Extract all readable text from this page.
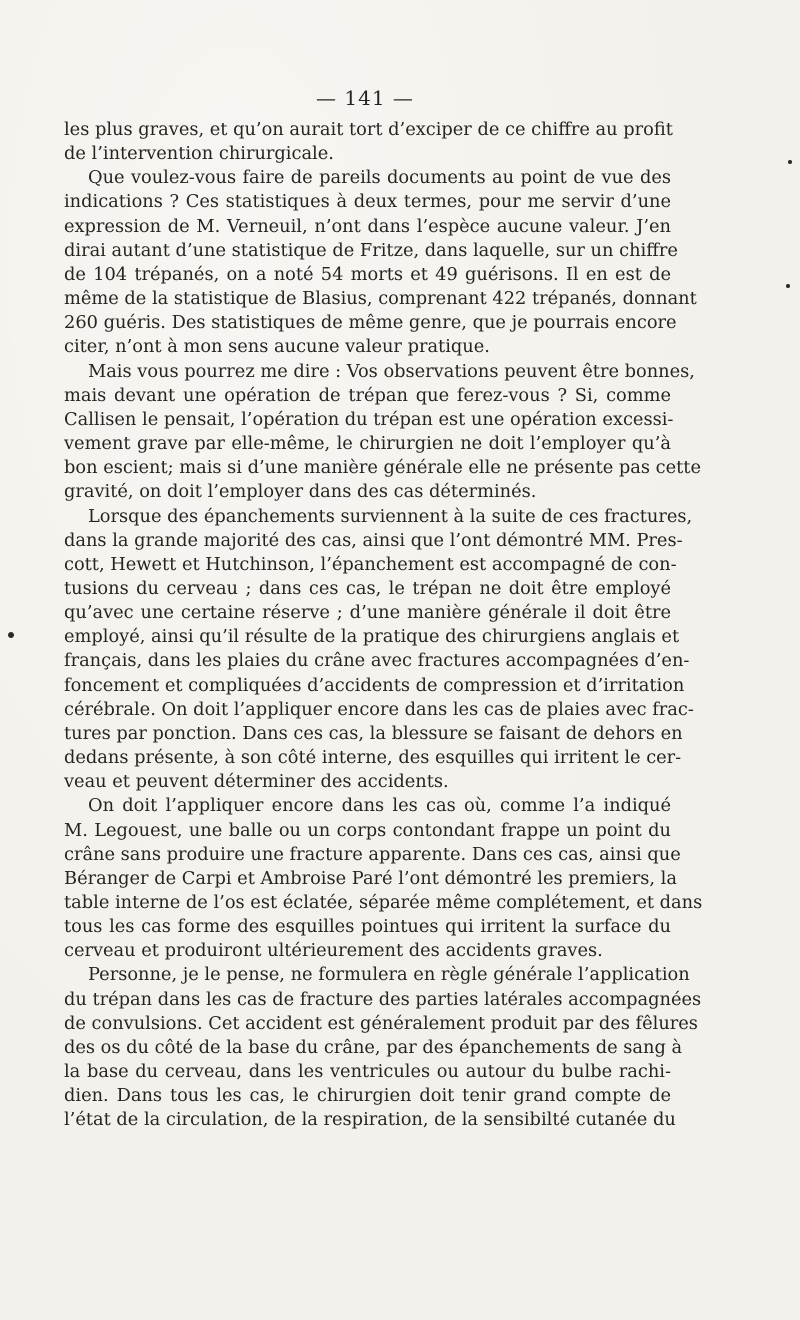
— 141 —

les plus graves, et qu’on aurait tort d’exciper de ce chiffre au profit
de l’intervention chirurgicale.

Que voulez-vous faire de pareils documents au point de vue des
indications ? Ces statistiques à deux termes, pour me servir d’une
expression de M. Verneuil, n’ont dans l’espèce aucune valeur. J’en
dirai autant d’une statistique de Fritze, dans laquelle, sur un chiffre
de 104 trépanés, on a noté 54 morts et 49 guérisons. Il en est de
même de la statistique de Blasius, comprenant 422 trépanés, donnant
260 guéris. Des statistiques de même genre, que je pourrais encore
citer, n’ont à mon sens aucune valeur pratique.

Mais vous pourrez me dire : Vos observations peuvent être bonnes,
mais devant une opération de trépan que ferez-vous ? Si, comme
Callisen le pensait, l’opération du trépan est une opération excessi-
vement grave par elle-même, le chirurgien ne doit l’employer qu’à
bon escient; mais si d’une manière générale elle ne présente pas cette
gravité, on doit l’employer dans des cas déterminés.

Lorsque des épanchements surviennent à la suite de ces fractures,
dans la grande majorité des cas, ainsi que l’ont démontré MM. Pres-
cott, Hewett et Hutchinson, l’épanchement est accompagné de con-
tusions du cerveau ; dans ces cas, le trépan ne doit être employé
qu’avec une certaine réserve ; d’une manière générale il doit être
employé, ainsi qu’il résulte de la pratique des chirurgiens anglais et
français, dans les plaies du crâne avec fractures accompagnées d’en-
foncement et compliquées d’accidents de compression et d’irritation
cérébrale. On doit l’appliquer encore dans les cas de plaies avec frac-
tures par ponction. Dans ces cas, la blessure se faisant de dehors en
dedans présente, à son côté interne, des esquilles qui irritent le cer-
veau et peuvent déterminer des accidents.

On doit l’appliquer encore dans les cas où, comme l’a indiqué
M. Legouest, une balle ou un corps contondant frappe un point du
crâne sans produire une fracture apparente. Dans ces cas, ainsi que
Béranger de Carpi et Ambroise Paré l’ont démontré les premiers, la
table interne de l’os est éclatée, séparée même complétement, et dans
tous les cas forme des esquilles pointues qui irritent la surface du
cerveau et produiront ultérieurement des accidents graves.

Personne, je le pense, ne formulera en règle générale l’application
du trépan dans les cas de fracture des parties latérales accompagnées
de convulsions. Cet accident est généralement produit par des fêlures
des os du côté de la base du crâne, par des épanchements de sang à
la base du cerveau, dans les ventricules ou autour du bulbe rachi-
dien. Dans tous les cas, le chirurgien doit tenir grand compte de
l’état de la circulation, de la respiration, de la sensibilté cutanée du
